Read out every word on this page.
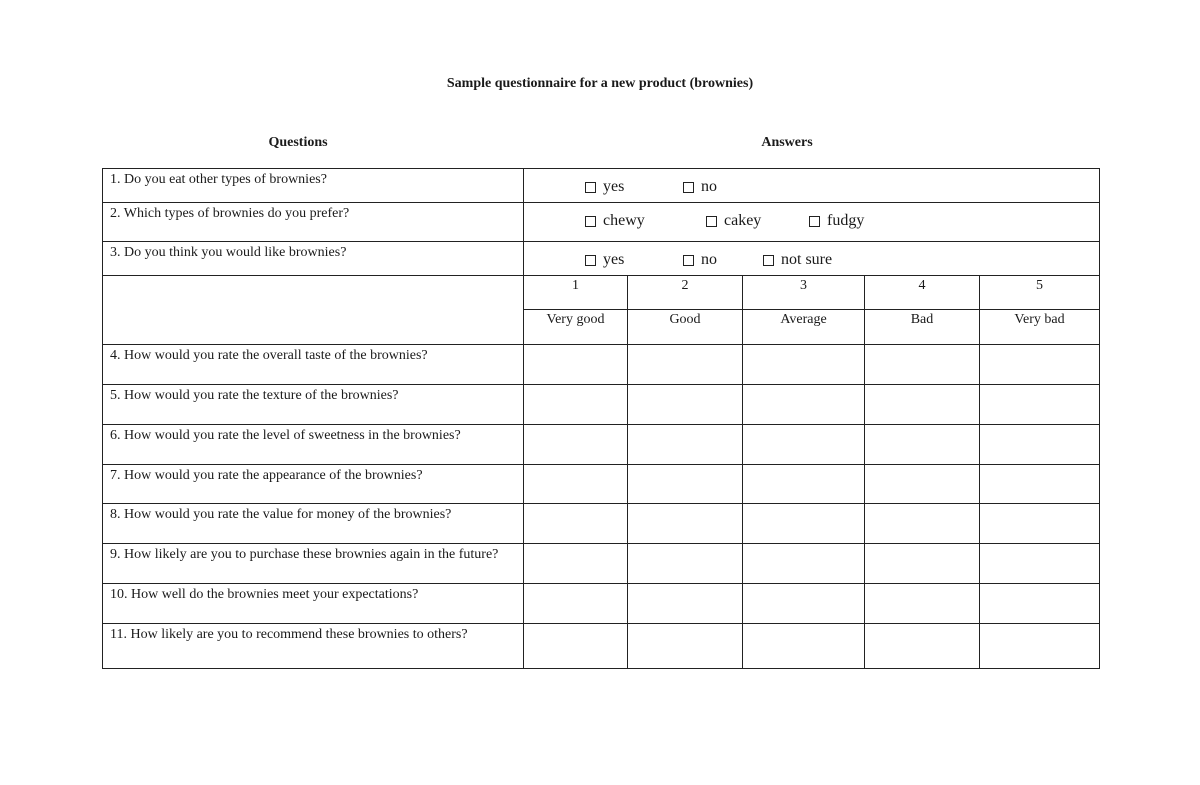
Sample questionnaire for a new product (brownies)
Questions	Answers
1. Do you eat other types of brownies?	yes no				

2. Which types of brownies do you prefer?	chewy cakey fudgy				

3. Do you think you would like brownies?	yes no not sure				

	1	2	3	4	5
	Very good	Good	Average	Bad	Very bad
4. How would you rate the overall taste of the brownies?					
5. How would you rate the texture of the brownies?					
6. How would you rate the level of sweetness in the brownies?					
7. How would you rate the appearance of the brownies?					
8. How would you rate the value for money of the brownies?					
9. How likely are you to purchase these brownies again in the future?					
10. How well do the brownies meet your expectations?					
11. How likely are you to recommend these brownies to others?					
